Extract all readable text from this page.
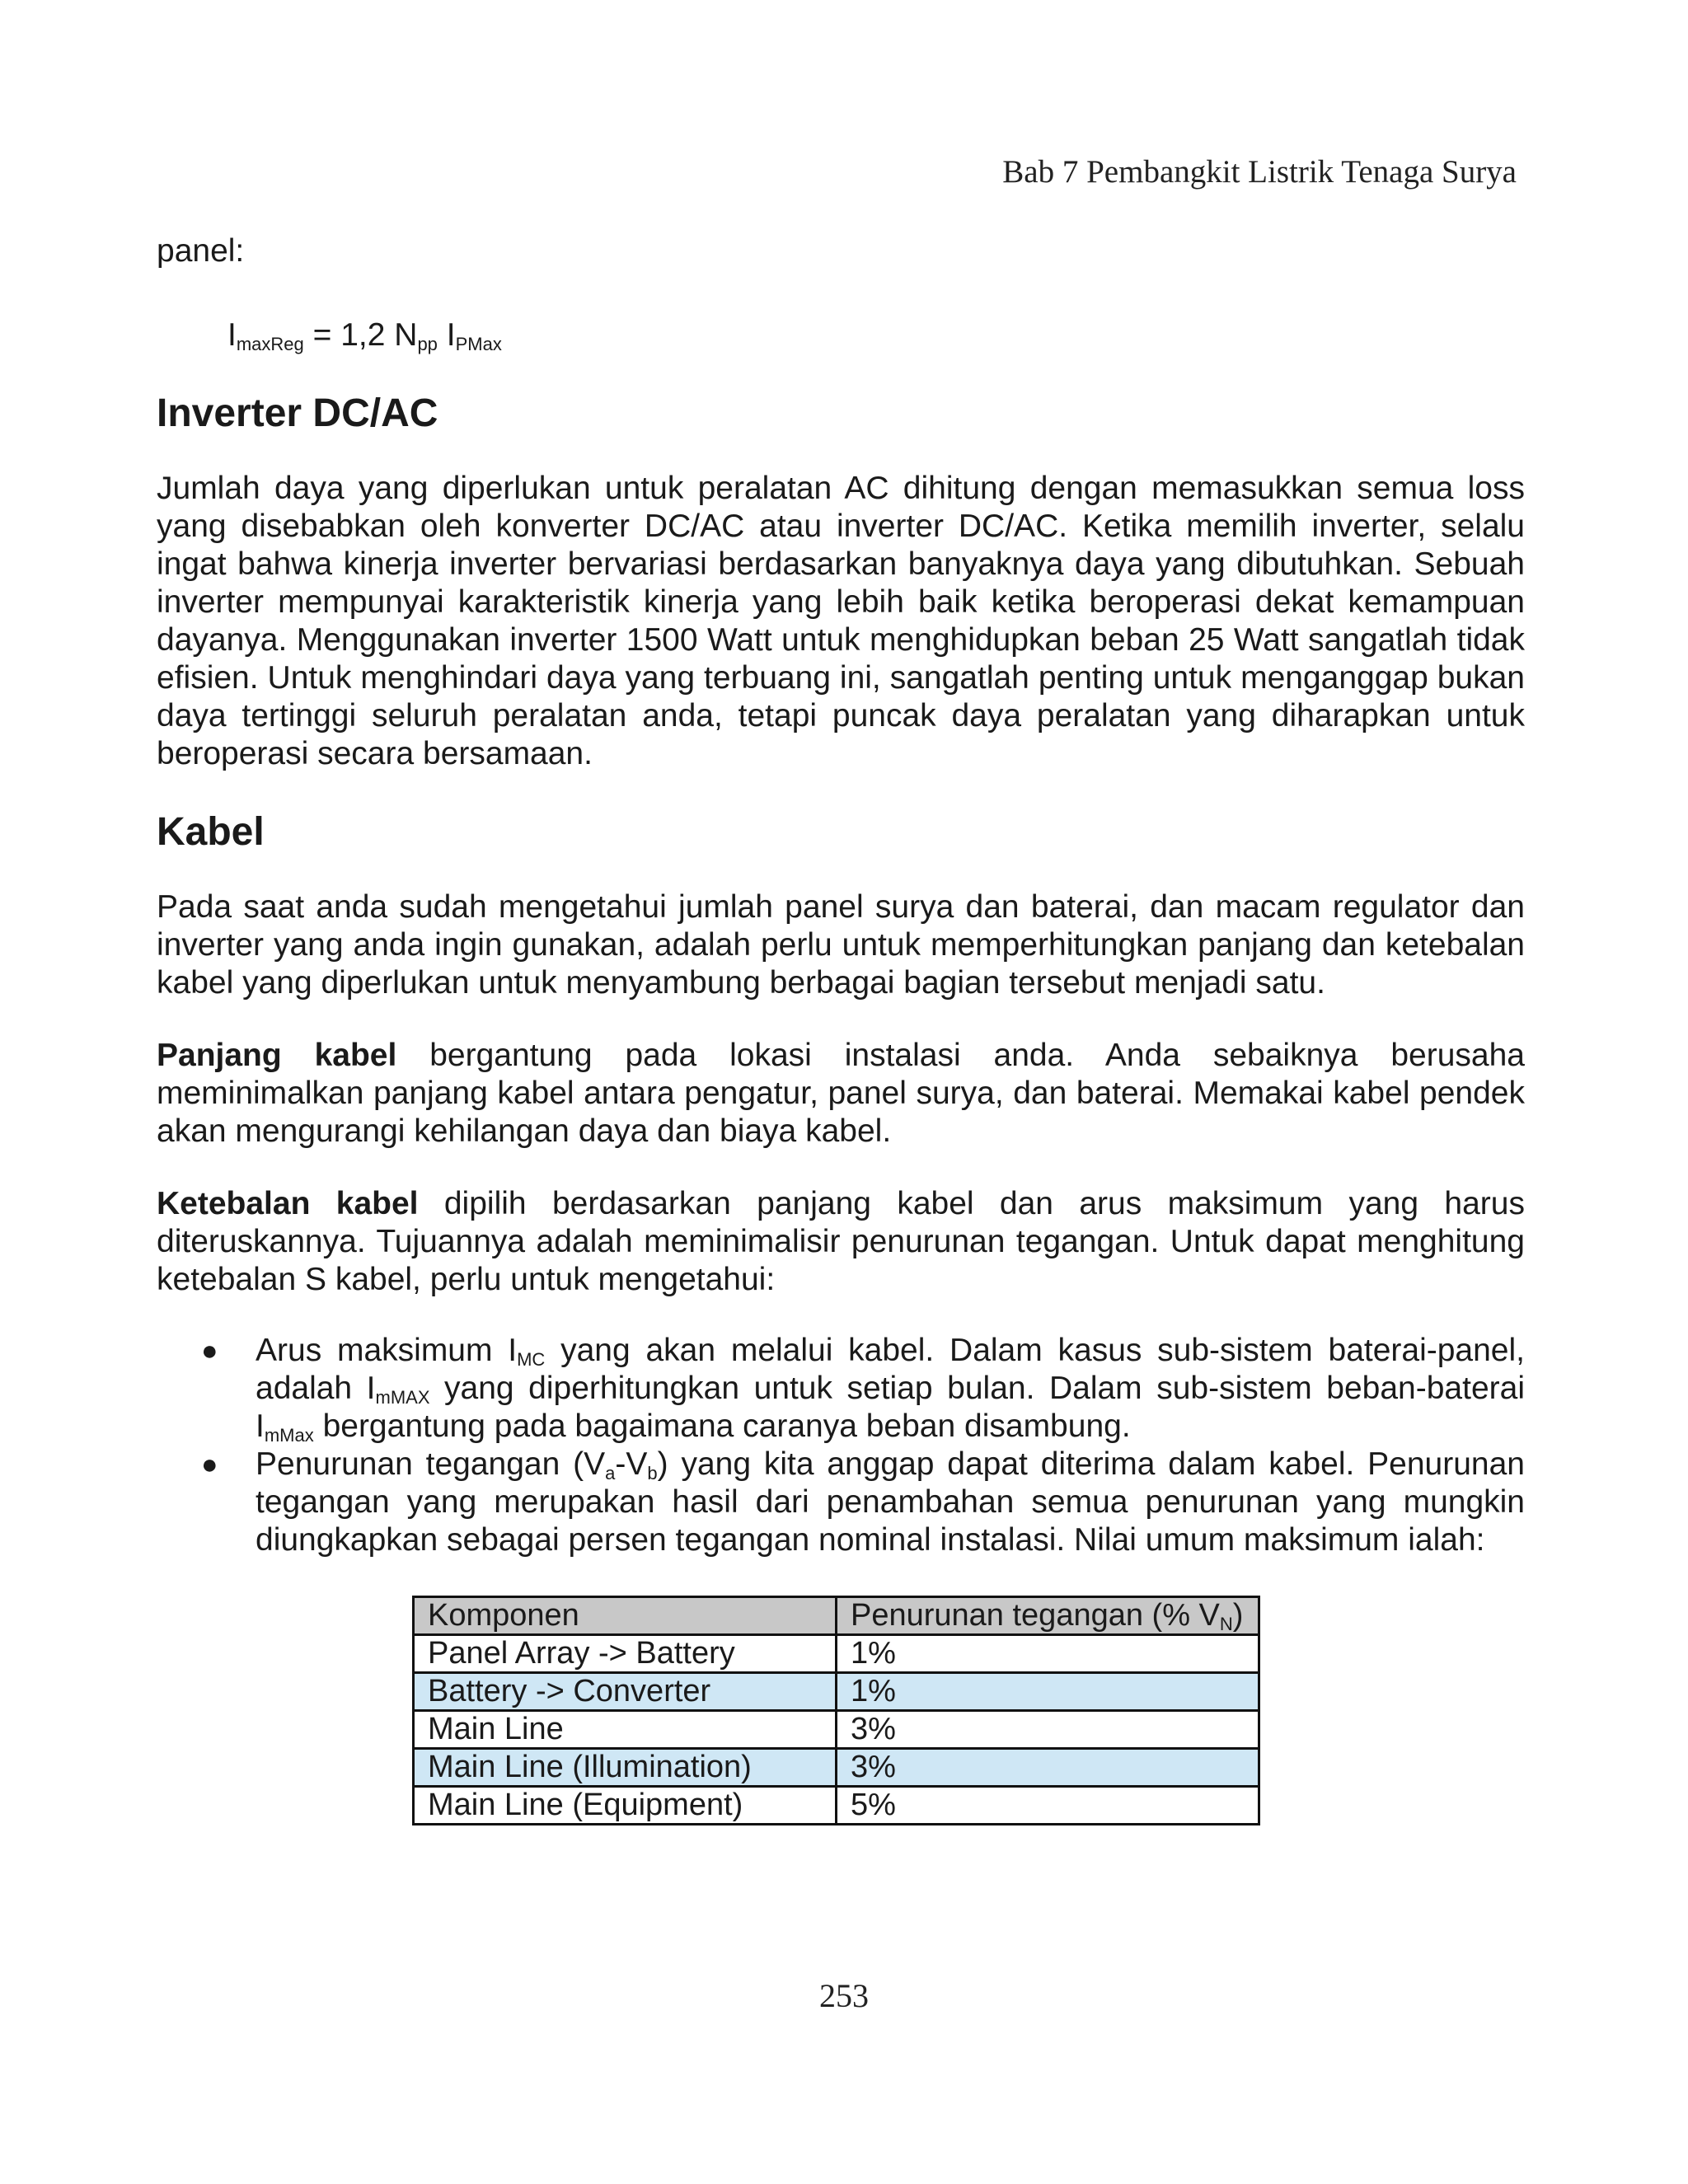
Bab 7 Pembangkit Listrik Tenaga Surya

panel:

$I_{maxReg} = 1,2$ $N_{pp}$ $I_{PMax}$
Inverter DC/AC

Jumlah daya yang diperlukan untuk peralatan AC dihitung dengan memasukkan semua loss yang disebabkan oleh konverter DC/AC atau inverter DC/AC. Ketika memilih inverter, selalu ingat bahwa kinerja inverter bervariasi berdasarkan banyaknya daya yang dibutuhkan. Sebuah inverter mempunyai karakteristik kinerja yang lebih baik ketika beroperasi dekat kemampuan dayanya. Menggunakan inverter 1500 Watt untuk menghidupkan beban 25 Watt sangatlah tidak efisien. Untuk menghindari daya yang terbuang ini, sangatlah penting untuk menganggap bukan daya tertinggi seluruh peralatan anda, tetapi puncak daya peralatan yang diharapkan untuk beroperasi secara bersamaan.

Kabel

Pada saat anda sudah mengetahui jumlah panel surya dan baterai, dan macam regulator dan inverter yang anda ingin gunakan, adalah perlu untuk memperhitungkan panjang dan ketebalan kabel yang diperlukan untuk menyambung berbagai bagian tersebut menjadi satu.

Panjang kabel bergantung pada lokasi instalasi anda. Anda sebaiknya berusaha meminimalkan panjang kabel antara pengatur, panel surya, dan baterai. Memakai kabel pendek akan mengurangi kehilangan daya dan biaya kabel.

Ketebalan kabel dipilih berdasarkan panjang kabel dan arus maksimum yang harus diteruskannya. Tujuannya adalah meminimalisir penurunan tegangan. Untuk dapat menghitung ketebalan S kabel, perlu untuk mengetahui:

● Arus maksimum $I_{MC}$ yang akan melalui kabel. Dalam kasus sub-sistem baterai-panel, adalah $I_{mMAX}$ yang diperhitungkan untuk setiap bulan. Dalam sub-sistem beban-baterai $I_{mMax}$ bergantung pada bagaimana caranya beban disambung.
● Penurunan tegangan $(V_a-V_b)$ yang kita anggap dapat diterima dalam kabel. Penurunan tegangan yang merupakan hasil dari penambahan semua penurunan yang mungkin diungkapkan sebagai persen tegangan nominal instalasi. Nilai umum maksimum ialah:
Komponen	Penurunan tegangan (% $V_N$)
Panel Array -> Battery	1%
Battery -> Converter	1%
Main Line	3%
Main Line (Illumination)	3%
Main Line (Equipment)	5%
253
